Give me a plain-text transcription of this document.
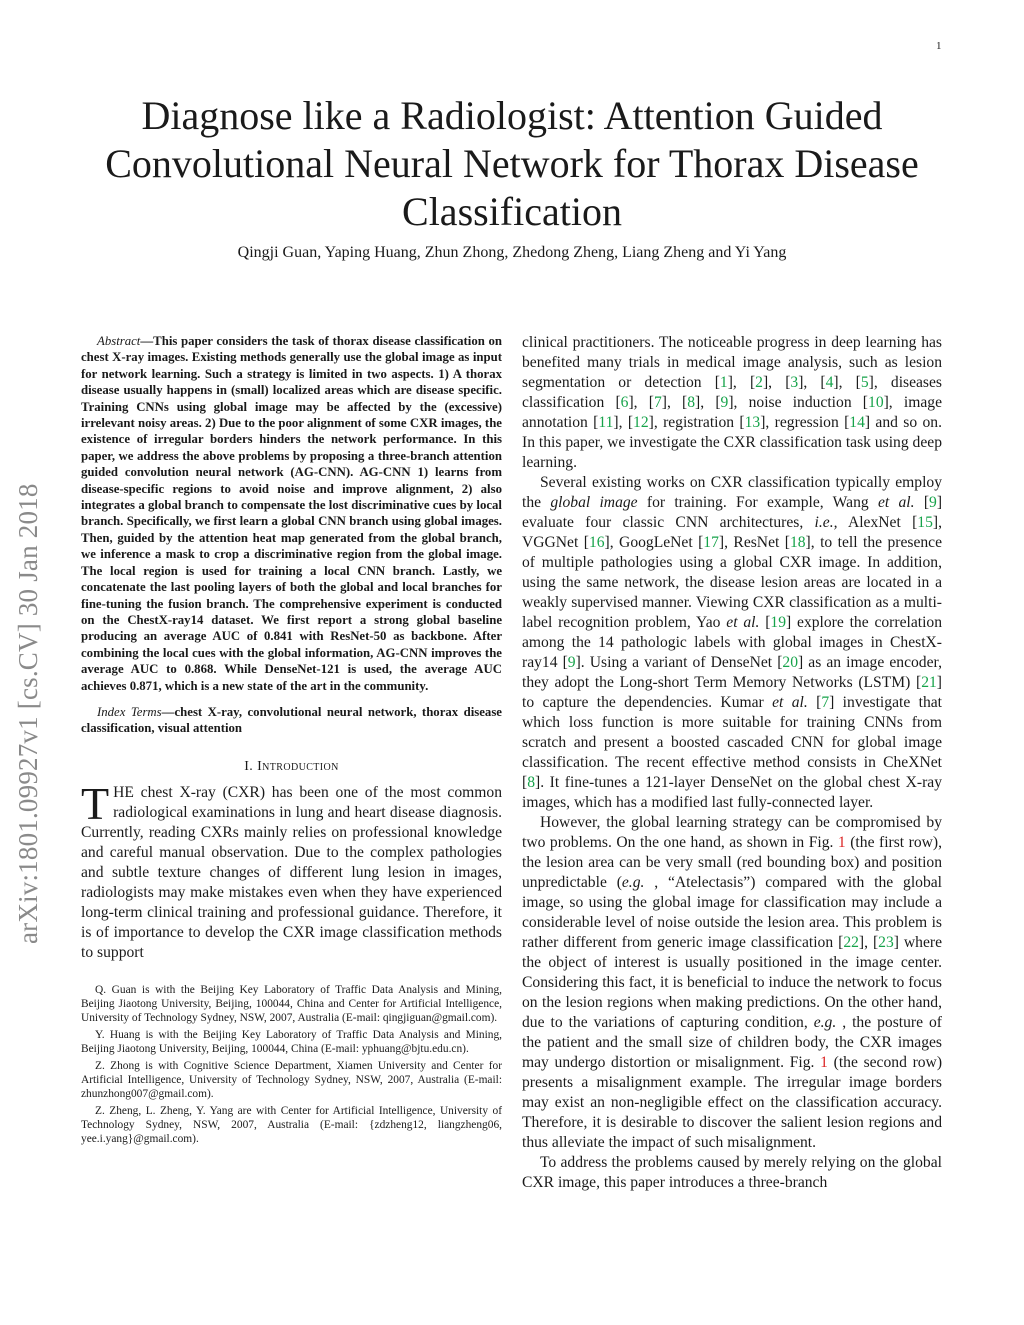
1
arXiv:1801.09927v1 [cs.CV] 30 Jan 2018
Diagnose like a Radiologist: Attention Guided Convolutional Neural Network for Thorax Disease Classification
Qingji Guan, Yaping Huang, Zhun Zhong, Zhedong Zheng, Liang Zheng and Yi Yang

Abstract—This paper considers the task of thorax disease classification on chest X-ray images. Existing methods generally use the global image as input for network learning. Such a strategy is limited in two aspects. 1) A thorax disease usually happens in (small) localized areas which are disease specific. Training CNNs using global image may be affected by the (excessive) irrelevant noisy areas. 2) Due to the poor alignment of some CXR images, the existence of irregular borders hinders the network performance. In this paper, we address the above problems by proposing a three-branch attention guided convolution neural network (AG-CNN). AG-CNN 1) learns from disease-specific regions to avoid noise and improve alignment, 2) also integrates a global branch to compensate the lost discriminative cues by local branch. Specifically, we first learn a global CNN branch using global images. Then, guided by the attention heat map generated from the global branch, we inference a mask to crop a discriminative region from the global image. The local region is used for training a local CNN branch. Lastly, we concatenate the last pooling layers of both the global and local branches for fine-tuning the fusion branch. The comprehensive experiment is conducted on the ChestX-ray14 dataset. We first report a strong global baseline producing an average AUC of 0.841 with ResNet-50 as backbone. After combining the local cues with the global information, AG-CNN improves the average AUC to 0.868. While DenseNet-121 is used, the average AUC achieves 0.871, which is a new state of the art in the community.

Index Terms—chest X-ray, convolutional neural network, thorax disease classification, visual attention

I. Introduction

THE chest X-ray (CXR) has been one of the most common radiological examinations in lung and heart disease diagnosis. Currently, reading CXRs mainly relies on professional knowledge and careful manual observation. Due to the complex pathologies and subtle texture changes of different lung lesion in images, radiologists may make mistakes even when they have experienced long-term clinical training and professional guidance. Therefore, it is of importance to develop the CXR image classification methods to support

Q. Guan is with the Beijing Key Laboratory of Traffic Data Analysis and Mining, Beijing Jiaotong University, Beijing, 100044, China and Center for Artificial Intelligence, University of Technology Sydney, NSW, 2007, Australia (E-mail: qingjiguan@gmail.com).

Y. Huang is with the Beijing Key Laboratory of Traffic Data Analysis and Mining, Beijing Jiaotong University, Beijing, 100044, China (E-mail: yphuang@bjtu.edu.cn).

Z. Zhong is with Cognitive Science Department, Xiamen University and Center for Artificial Intelligence, University of Technology Sydney, NSW, 2007, Australia (E-mail: zhunzhong007@gmail.com).

Z. Zheng, L. Zheng, Y. Yang are with Center for Artificial Intelligence, University of Technology Sydney, NSW, 2007, Australia (E-mail: {zdzheng12, liangzheng06, yee.i.yang}@gmail.com).

clinical practitioners. The noticeable progress in deep learning has benefited many trials in medical image analysis, such as lesion segmentation or detection [1], [2], [3], [4], [5], diseases classification [6], [7], [8], [9], noise induction [10], image annotation [11], [12], registration [13], regression [14] and so on. In this paper, we investigate the CXR classification task using deep learning.

Several existing works on CXR classification typically employ the global image for training. For example, Wang et al. [9] evaluate four classic CNN architectures, i.e., AlexNet [15], VGGNet [16], GoogLeNet [17], ResNet [18], to tell the presence of multiple pathologies using a global CXR image. In addition, using the same network, the disease lesion areas are located in a weakly supervised manner. Viewing CXR classification as a multi-label recognition problem, Yao et al. [19] explore the correlation among the 14 pathologic labels with global images in ChestX-ray14 [9]. Using a variant of DenseNet [20] as an image encoder, they adopt the Long-short Term Memory Networks (LSTM) [21] to capture the dependencies. Kumar et al. [7] investigate that which loss function is more suitable for training CNNs from scratch and present a boosted cascaded CNN for global image classification. The recent effective method consists in CheXNet [8]. It fine-tunes a 121-layer DenseNet on the global chest X-ray images, which has a modified last fully-connected layer.

However, the global learning strategy can be compromised by two problems. On the one hand, as shown in Fig. 1 (the first row), the lesion area can be very small (red bounding box) and position unpredictable (e.g. , “Atelectasis”) compared with the global image, so using the global image for classification may include a considerable level of noise outside the lesion area. This problem is rather different from generic image classification [22], [23] where the object of interest is usually positioned in the image center. Considering this fact, it is beneficial to induce the network to focus on the lesion regions when making predictions. On the other hand, due to the variations of capturing condition, e.g. , the posture of the patient and the small size of children body, the CXR images may undergo distortion or misalignment. Fig. 1 (the second row) presents a misalignment example. The irregular image borders may exist an non-negligible effect on the classification accuracy. Therefore, it is desirable to discover the salient lesion regions and thus alleviate the impact of such misalignment.

To address the problems caused by merely relying on the global CXR image, this paper introduces a three-branch
